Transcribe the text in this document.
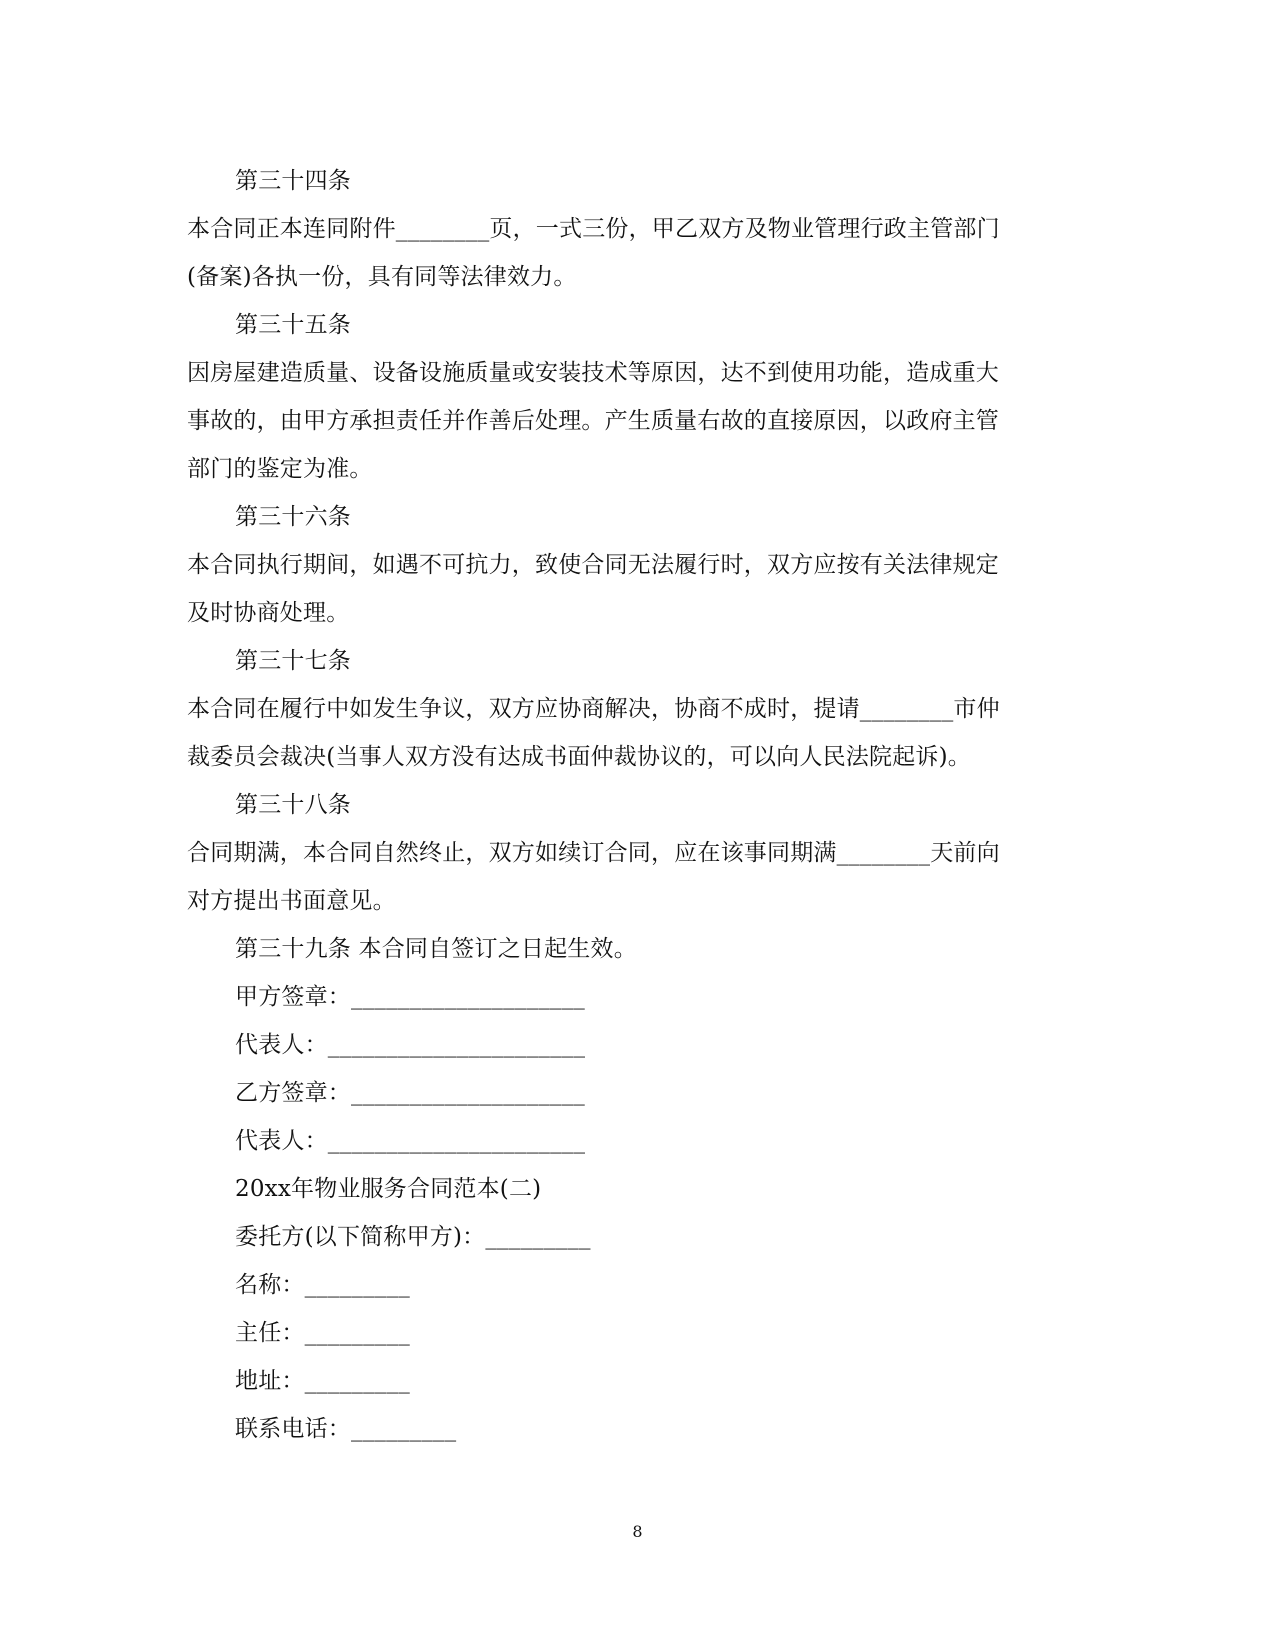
第三十四条
本合同正本连同附件________页，一式三份，甲乙双方及物业管理行政主管部门
(备案)各执一份，具有同等法律效力。
第三十五条
因房屋建造质量、设备设施质量或安装技术等原因，达不到使用功能，造成重大
事故的，由甲方承担责任并作善后处理。产生质量右故的直接原因，以政府主管
部门的鉴定为准。
第三十六条
本合同执行期间，如遇不可抗力，致使合同无法履行时，双方应按有关法律规定
及时协商处理。
第三十七条
本合同在履行中如发生争议，双方应协商解决，协商不成时，提请________市仲
裁委员会裁决(当事人双方没有达成书面仲裁协议的，可以向人民法院起诉)。
第三十八条
合同期满，本合同自然终止，双方如续订合同，应在该事同期满________天前向
对方提出书面意见。
第三十九条 本合同自签订之日起生效。
甲方签章：____________________
代表人：______________________
乙方签章：____________________
代表人：______________________
20xx年物业服务合同范本(二)
委托方(以下简称甲方)：_________
名称：_________
主任：_________
地址：_________
联系电话：_________
8
